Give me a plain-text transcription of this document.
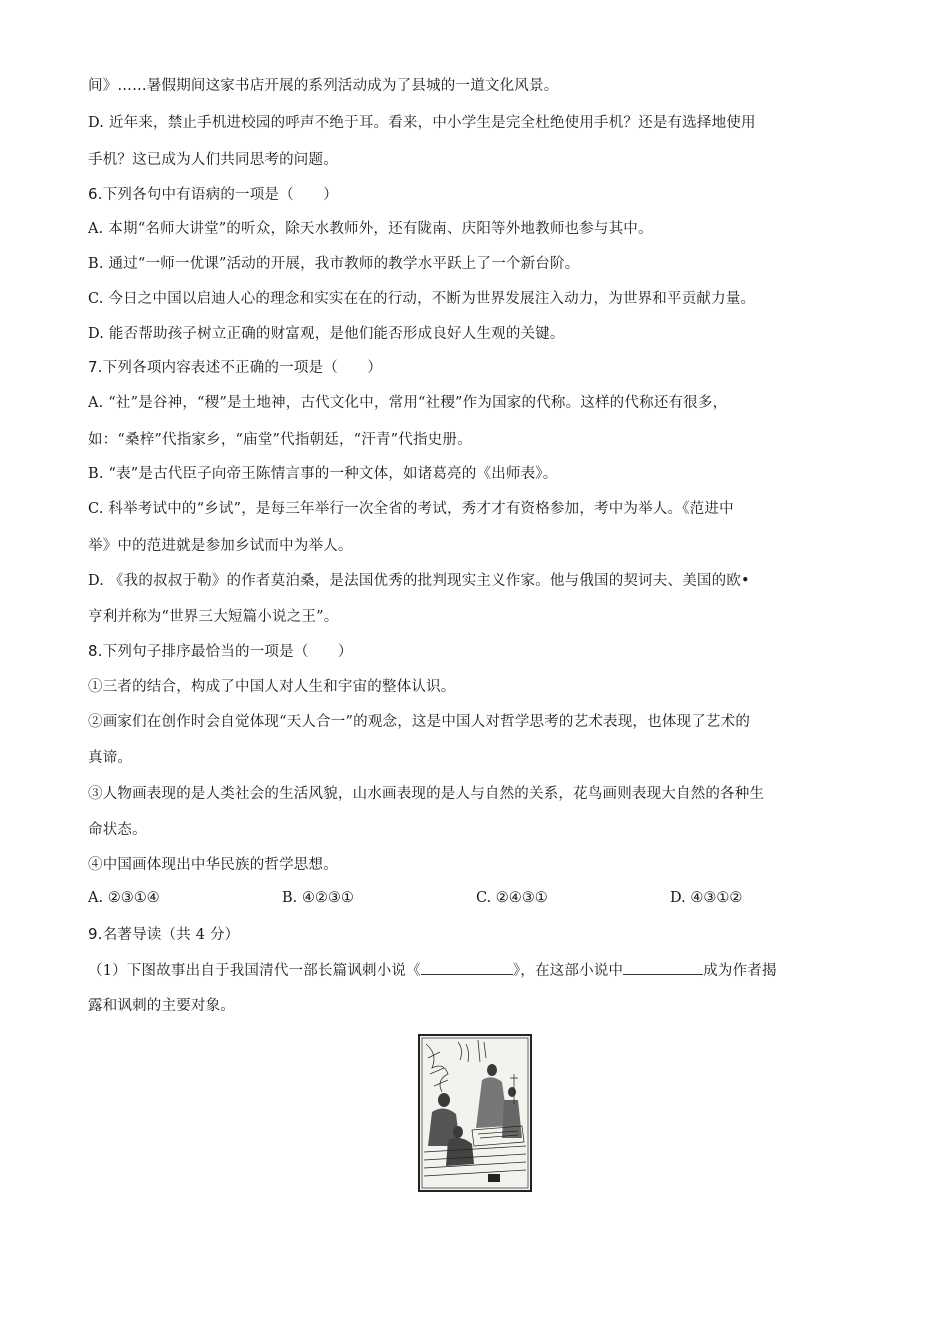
间》……暑假期间这家书店开展的系列活动成为了县城的一道文化风景。
D. 近年来，禁止手机进校园的呼声不绝于耳。看来，中小学生是完全杜绝使用手机？还是有选择地使用
手机？这已成为人们共同思考的问题。
6.下列各句中有语病的一项是（　　）
A. 本期“名师大讲堂”的听众，除天水教师外，还有陇南、庆阳等外地教师也参与其中。
B. 通过“一师一优课”活动的开展，我市教师的教学水平跃上了一个新台阶。
C. 今日之中国以启迪人心的理念和实实在在的行动，不断为世界发展注入动力，为世界和平贡献力量。
D. 能否帮助孩子树立正确的财富观，是他们能否形成良好人生观的关键。
7.下列各项内容表述不正确的一项是（　　）
A. “社”是谷神，“稷”是土地神，古代文化中，常用“社稷”作为国家的代称。这样的代称还有很多，
如：“桑梓”代指家乡，“庙堂”代指朝廷，“汗青”代指史册。
B. “表”是古代臣子向帝王陈情言事的一种文体，如诸葛亮的《出师表》。
C. 科举考试中的“乡试”，是每三年举行一次全省的考试，秀才才有资格参加，考中为举人。《范进中
举》中的范进就是参加乡试而中为举人。
D. 《我的叔叔于勒》的作者莫泊桑，是法国优秀的批判现实主义作家。他与俄国的契诃夫、美国的欧•
亨利并称为“世界三大短篇小说之王”。
8.下列句子排序最恰当的一项是（　　）
①三者的结合，构成了中国人对人生和宇宙的整体认识。
②画家们在创作时会自觉体现“天人合一”的观念，这是中国人对哲学思考的艺术表现，也体现了艺术的
真谛。
③人物画表现的是人类社会的生活风貌，山水画表现的是人与自然的关系，花鸟画则表现大自然的各种生
命状态。
④中国画体现出中华民族的哲学思想。
A. ②③①④	B. ④②③①	C. ②④③①	D. ④③①②
9.名著导读（共 4 分）
（1）下图故事出自于我国清代一部长篇讽刺小说《	》，在这部小说中	成为作者揭
露和讽刺的主要对象。
